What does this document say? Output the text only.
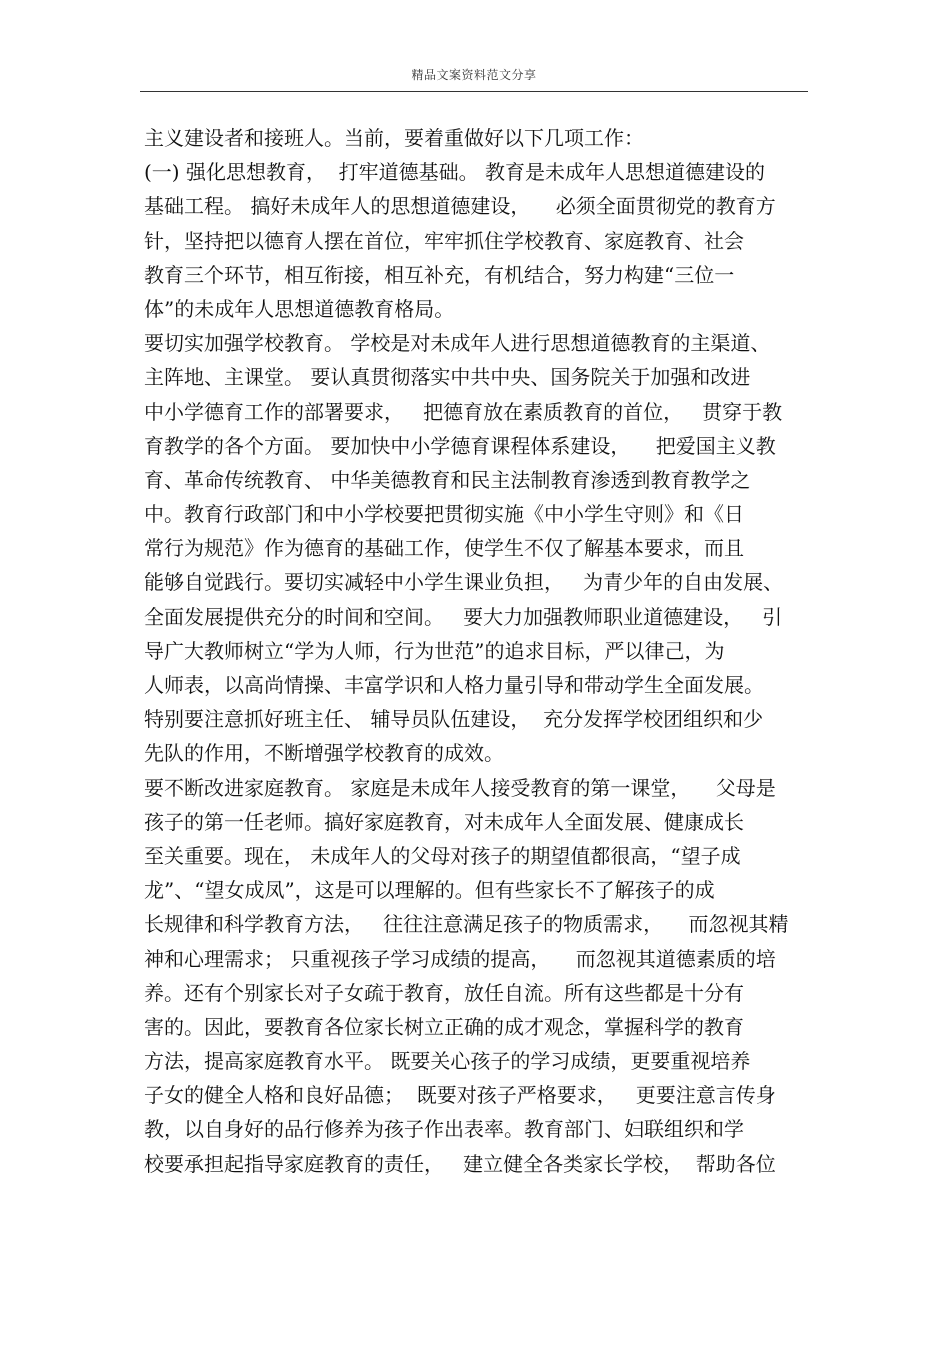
精品文案资料范文分享
主义建设者和接班人。当前，要着重做好以下几项工作：
(一) 强化思想教育，  打牢道德基础。 教育是未成年人思想道德建设的
基础工程。 搞好未成年人的思想道德建设，    必须全面贯彻党的教育方
针，坚持把以德育人摆在首位，牢牢抓住学校教育、家庭教育、社会
教育三个环节，相互衔接，相互补充，有机结合，努力构建“三位一
体”的未成年人思想道德教育格局。
要切实加强学校教育。 学校是对未成年人进行思想道德教育的主渠道、
主阵地、主课堂。 要认真贯彻落实中共中央、国务院关于加强和改进
中小学德育工作的部署要求，   把德育放在素质教育的首位，   贯穿于教
育教学的各个方面。 要加快中小学德育课程体系建设，    把爱国主义教
育、革命传统教育、 中华美德教育和民主法制教育渗透到教育教学之
中。教育行政部门和中小学校要把贯彻实施《中小学生守则》和《日
常行为规范》作为德育的基础工作，使学生不仅了解基本要求，而且
能够自觉践行。要切实减轻中小学生课业负担，   为青少年的自由发展、
全面发展提供充分的时间和空间。   要大力加强教师职业道德建设，   引
导广大教师树立“学为人师，行为世范”的追求目标，严以律己，为
人师表，以高尚情操、丰富学识和人格力量引导和带动学生全面发展。
特别要注意抓好班主任、 辅导员队伍建设，  充分发挥学校团组织和少
先队的作用，不断增强学校教育的成效。
要不断改进家庭教育。 家庭是未成年人接受教育的第一课堂，    父母是
孩子的第一任老师。搞好家庭教育，对未成年人全面发展、健康成长
至关重要。现在， 未成年人的父母对孩子的期望值都很高，“望子成
龙”、“望女成凤”，这是可以理解的。但有些家长不了解孩子的成
长规律和科学教育方法，   往往注意满足孩子的物质需求，    而忽视其精
神和心理需求； 只重视孩子学习成绩的提高，    而忽视其道德素质的培
养。还有个别家长对子女疏于教育，放任自流。所有这些都是十分有
害的。因此，要教育各位家长树立正确的成才观念，掌握科学的教育
方法，提高家庭教育水平。 既要关心孩子的学习成绩，更要重视培养
子女的健全人格和良好品德；  既要对孩子严格要求，   更要注意言传身
教，以自身好的品行修养为孩子作出表率。教育部门、妇联组织和学
校要承担起指导家庭教育的责任，   建立健全各类家长学校，  帮助各位
